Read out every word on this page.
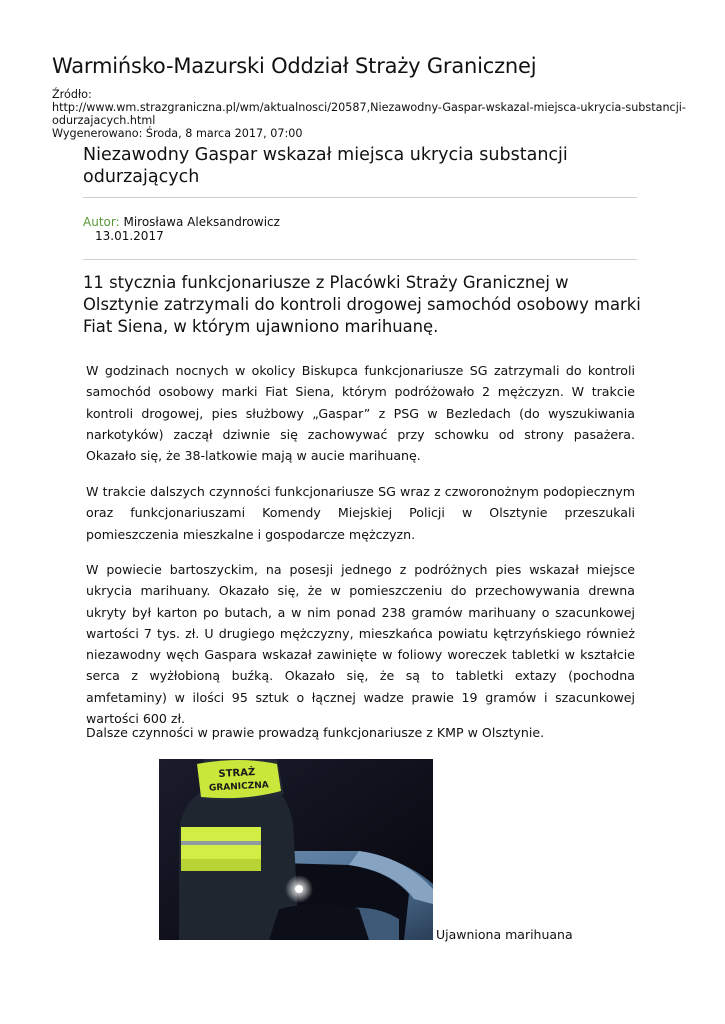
Warmińsko-Mazurski Oddział Straży Granicznej
Źródło:
http://www.wm.strazgraniczna.pl/wm/aktualnosci/20587,Niezawodny-Gaspar-wskazal-miejsca-ukrycia-substancji-
odurzajacych.html
Wygenerowano: Środa, 8 marca 2017, 07:00
Niezawodny Gaspar wskazał miejsca ukrycia substancji odurzających
Autor: Mirosława Aleksandrowicz
13.01.2017
11 stycznia funkcjonariusze z Placówki Straży Granicznej w Olsztynie zatrzymali do kontroli drogowej samochód osobowy marki Fiat Siena, w którym ujawniono marihuanę.
W godzinach nocnych w okolicy Biskupca funkcjonariusze SG zatrzymali do kontroli samochód osobowy marki Fiat Siena, którym podróżowało 2 mężczyzn. W trakcie kontroli drogowej, pies służbowy „Gaspar” z PSG w Bezledach (do wyszukiwania narkotyków) zaczął dziwnie się zachowywać przy schowku od strony pasażera. Okazało się, że 38-latkowie mają w aucie marihuanę.
W trakcie dalszych czynności funkcjonariusze SG wraz z czworonożnym podopiecznym oraz funkcjonariuszami Komendy Miejskiej Policji w Olsztynie przeszukali pomieszczenia mieszkalne i gospodarcze mężczyzn.
W powiecie bartoszyckim, na posesji jednego z podróżnych pies wskazał miejsce ukrycia marihuany. Okazało się, że w pomieszczeniu do przechowywania drewna ukryty był karton po butach, a w nim ponad 238 gramów marihuany o szacunkowej wartości 7 tys. zł. U drugiego mężczyzny, mieszkańca powiatu kętrzyńskiego również niezawodny węch Gaspara wskazał zawinięte w foliowy woreczek tabletki w kształcie serca z wyżłobioną buźką. Okazało się, że są to tabletki extazy (pochodna amfetaminy) w ilości 95 sztuk o łącznej wadze prawie 19 gramów i szacunkowej wartości 600 zł.
Dalsze czynności w prawie prowadzą funkcjonariusze z KMP w Olsztynie.
STRAŻ
GRANICZNA
Ujawniona marihuana
